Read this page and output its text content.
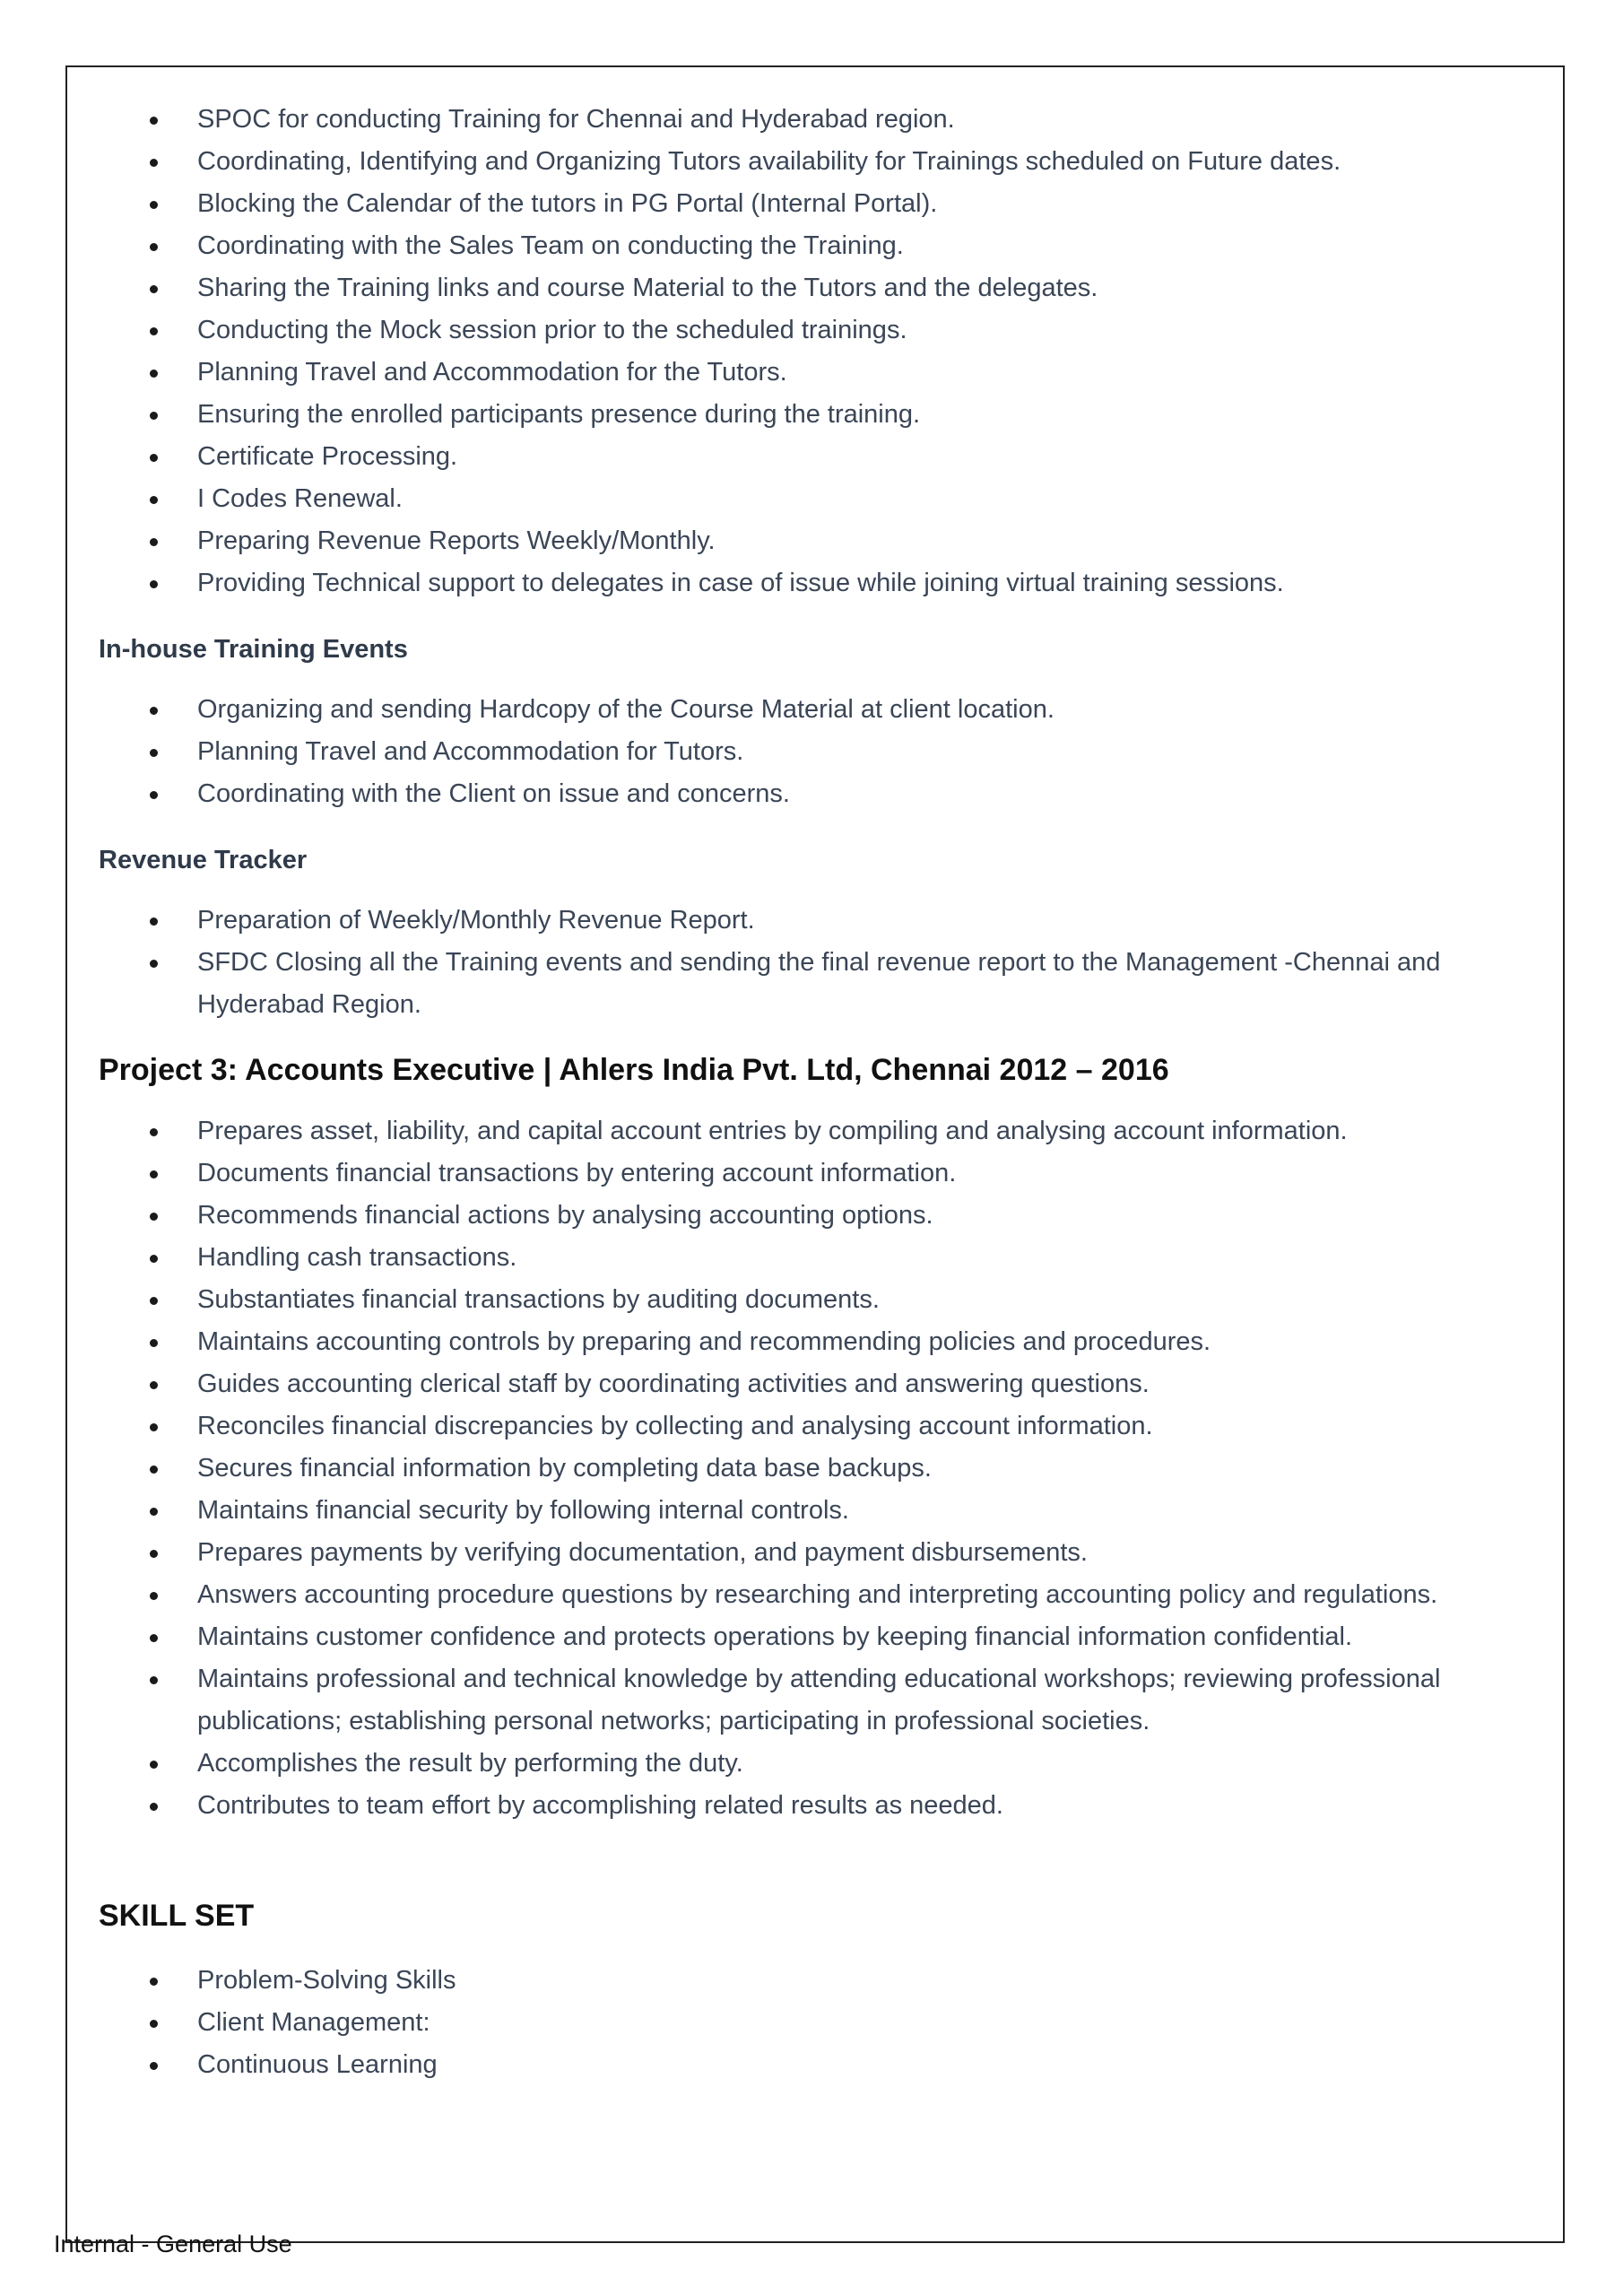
SPOC for conducting Training for Chennai and Hyderabad region.
Coordinating, Identifying and Organizing Tutors availability for Trainings scheduled on Future dates.
Blocking the Calendar of the tutors in PG Portal (Internal Portal).
Coordinating with the Sales Team on conducting the Training.
Sharing the Training links and course Material to the Tutors and the delegates.
Conducting the Mock session prior to the scheduled trainings.
Planning Travel and Accommodation for the Tutors.
Ensuring the enrolled participants presence during the training.
Certificate Processing.
I Codes Renewal.
Preparing Revenue Reports Weekly/Monthly.
Providing Technical support to delegates in case of issue while joining virtual training sessions.
In-house Training Events
Organizing and sending Hardcopy of the Course Material at client location.
Planning Travel and Accommodation for Tutors.
Coordinating with the Client on issue and concerns.
Revenue Tracker
Preparation of Weekly/Monthly Revenue Report.
SFDC Closing all the Training events and sending the final revenue report to the Management -Chennai and Hyderabad Region.
Project 3: Accounts Executive | Ahlers India Pvt. Ltd, Chennai 2012 – 2016
Prepares asset, liability, and capital account entries by compiling and analysing account information.
Documents financial transactions by entering account information.
Recommends financial actions by analysing accounting options.
Handling cash transactions.
Substantiates financial transactions by auditing documents.
Maintains accounting controls by preparing and recommending policies and procedures.
Guides accounting clerical staff by coordinating activities and answering questions.
Reconciles financial discrepancies by collecting and analysing account information.
Secures financial information by completing data base backups.
Maintains financial security by following internal controls.
Prepares payments by verifying documentation, and payment disbursements.
Answers accounting procedure questions by researching and interpreting accounting policy and regulations.
Maintains customer confidence and protects operations by keeping financial information confidential.
Maintains professional and technical knowledge by attending educational workshops; reviewing professional publications; establishing personal networks; participating in professional societies.
Accomplishes the result by performing the duty.
Contributes to team effort by accomplishing related results as needed.
SKILL SET
Problem-Solving Skills
Client Management:
Continuous Learning
Internal - General Use
